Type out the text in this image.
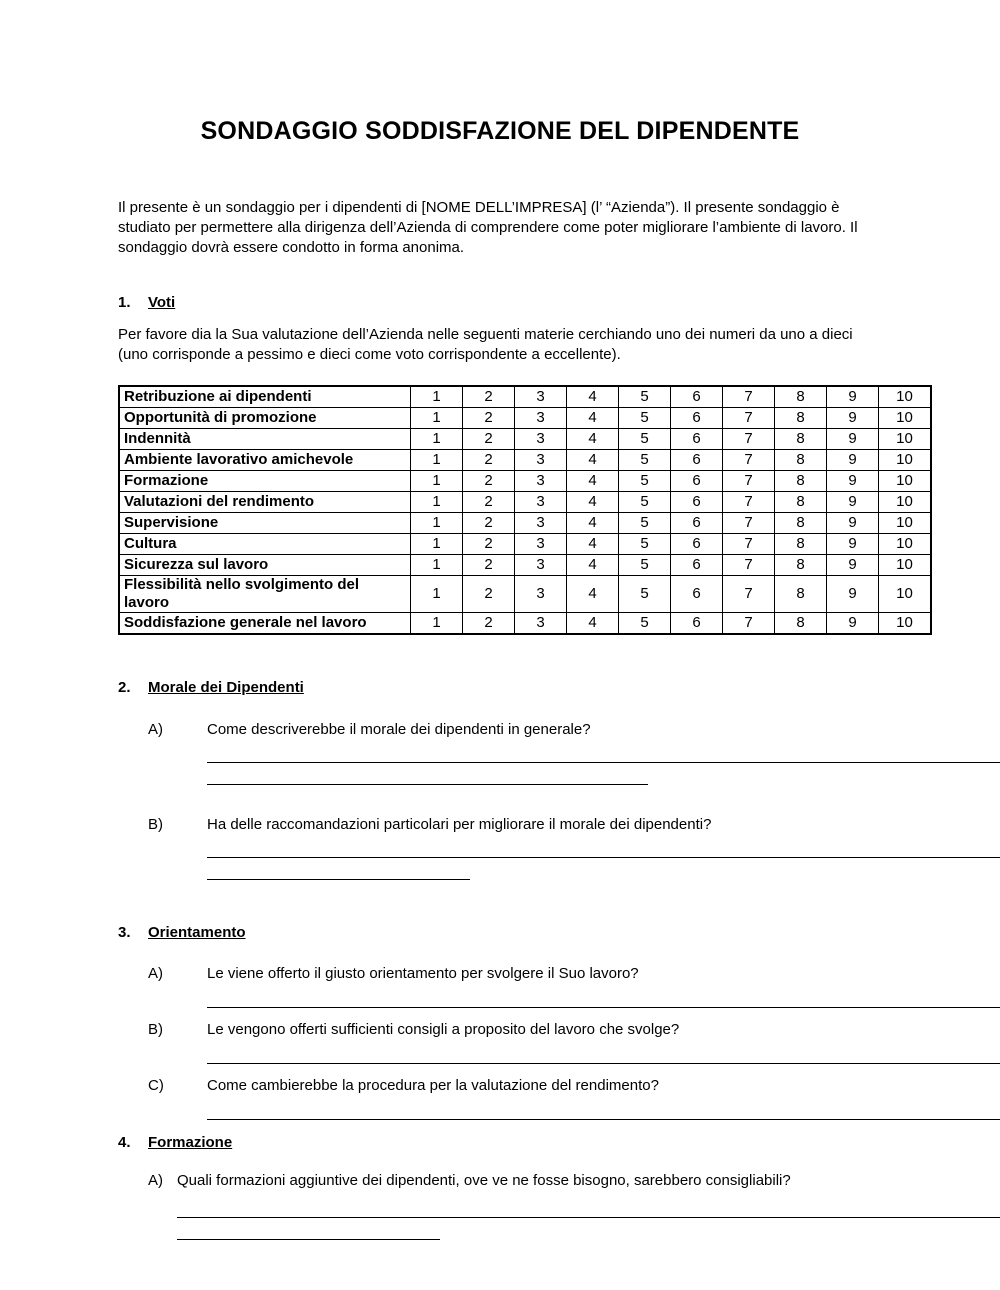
SONDAGGIO SODDISFAZIONE DEL DIPENDENTE

Il presente è un sondaggio per i dipendenti di [NOME DELL’IMPRESA] (l’ “Azienda”). Il presente sondaggio è studiato per permettere alla dirigenza dell’Azienda di comprendere come poter migliorare l’ambiente di lavoro. Il sondaggio dovrà essere condotto in forma anonima.

1.	Voti

Per favore dia la Sua valutazione dell’Azienda nelle seguenti materie cerchiando uno dei numeri da uno a dieci (uno corrisponde a pessimo e dieci come voto corrispondente a eccellente).

Retribuzione ai dipendenti	1	2	3	4	5	6	7	8	9	10
Opportunità di promozione	1	2	3	4	5	6	7	8	9	10
Indennità	1	2	3	4	5	6	7	8	9	10
Ambiente lavorativo amichevole	1	2	3	4	5	6	7	8	9	10
Formazione	1	2	3	4	5	6	7	8	9	10
Valutazioni del rendimento	1	2	3	4	5	6	7	8	9	10
Supervisione	1	2	3	4	5	6	7	8	9	10
Cultura	1	2	3	4	5	6	7	8	9	10
Sicurezza sul lavoro	1	2	3	4	5	6	7	8	9	10
Flessibilità nello svolgimento del lavoro	1	2	3	4	5	6	7	8	9	10
Soddisfazione generale nel lavoro	1	2	3	4	5	6	7	8	9	10
2.	Morale dei Dipendenti
A)	Come descriverebbe il morale dei dipendenti in generale?

B)	Ha delle raccomandazioni particolari per migliorare il morale dei dipendenti?

3.	Orientamento
A)	Le viene offerto il giusto orientamento per svolgere il Suo lavoro?

B)	Le vengono offerti sufficienti consigli a proposito del lavoro che svolge?

C)	Come cambierebbe la procedura per la valutazione del rendimento?

4.	Formazione
A) Quali formazioni aggiuntive dei dipendenti, ove ve ne fosse bisogno, sarebbero consigliabili?
